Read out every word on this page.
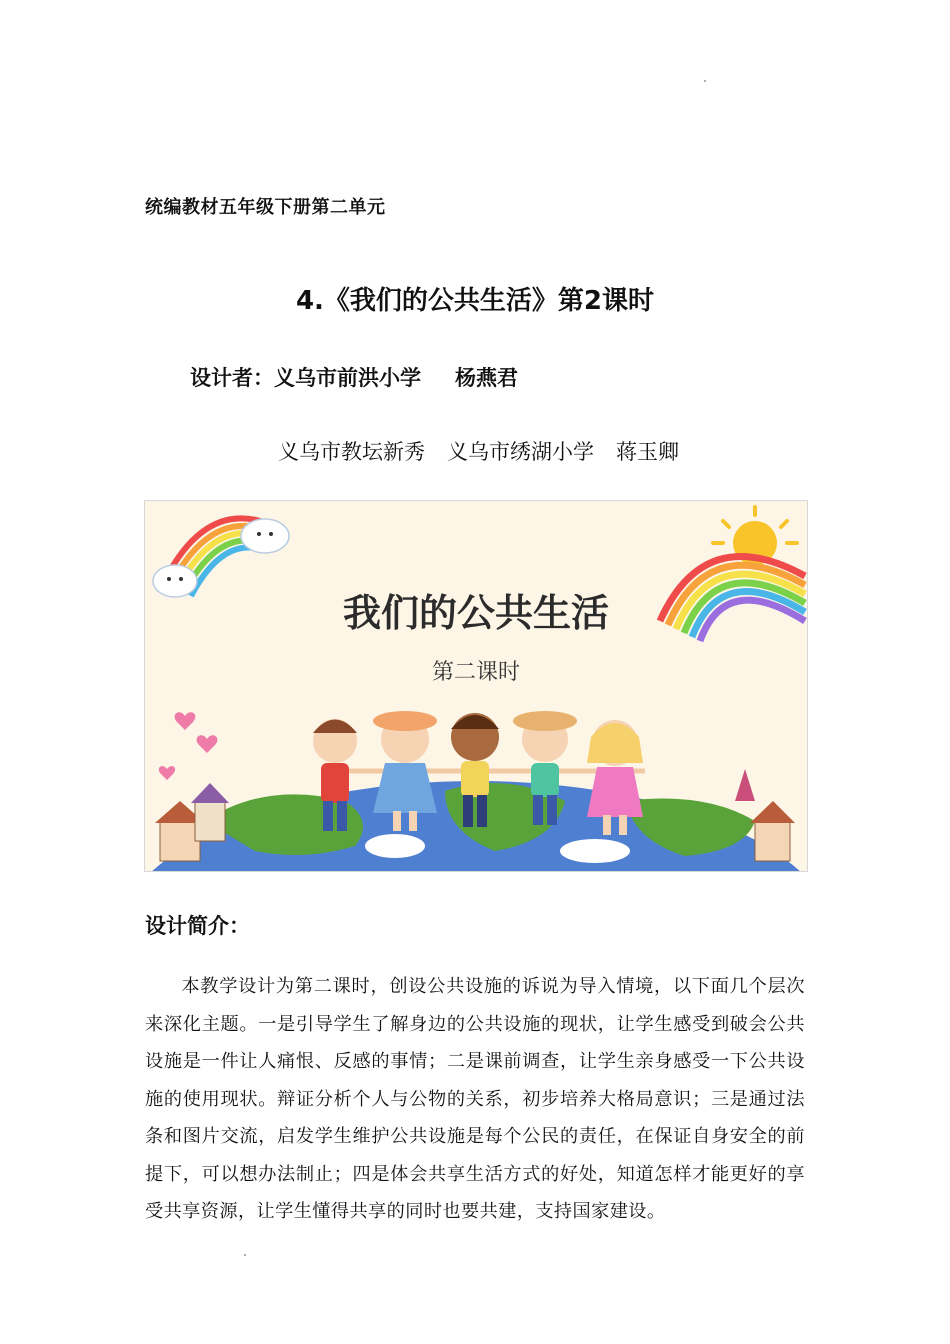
统编教材五年级下册第二单元
4.《我们的公共生活》第2课时
设计者：义乌市前洪小学 杨燕君
义乌市教坛新秀 义乌市绣湖小学 蒋玉卿
我们的公共生活
第二课时
设计简介：
本教学设计为第二课时，创设公共设施的诉说为导入情境，以下面几个层次来深化主题。一是引导学生了解身边的公共设施的现状，让学生感受到破会公共设施是一件让人痛恨、反感的事情；二是课前调查，让学生亲身感受一下公共设施的使用现状。辩证分析个人与公物的关系，初步培养大格局意识；三是通过法条和图片交流，启发学生维护公共设施是每个公民的责任，在保证自身安全的前提下，可以想办法制止；四是体会共享生活方式的好处，知道怎样才能更好的享受共享资源，让学生懂得共享的同时也要共建，支持国家建设。
